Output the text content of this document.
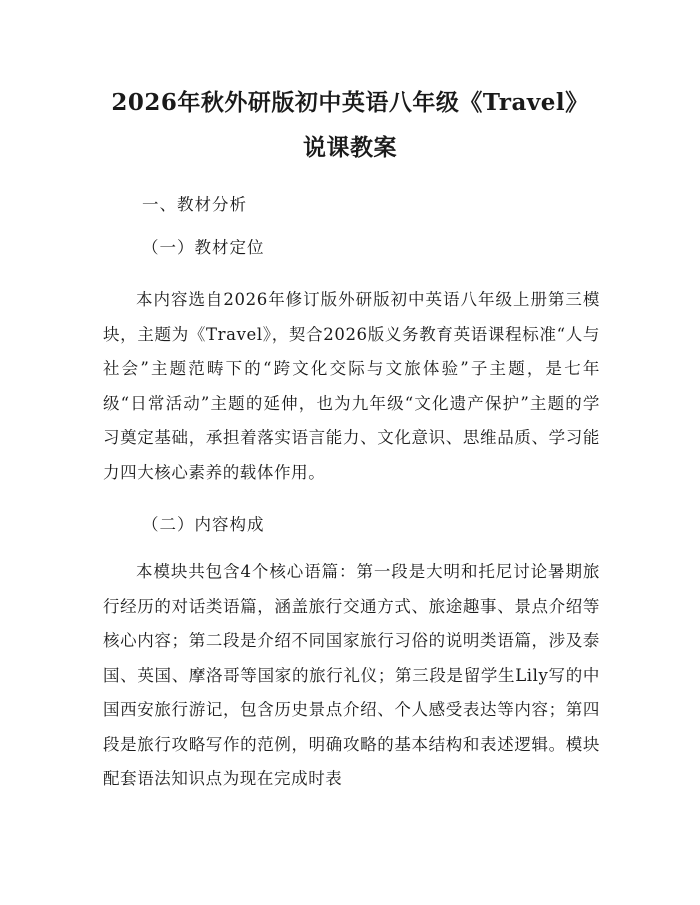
2026年秋外研版初中英语八年级《Travel》
说课教案
一、教材分析
（一）教材定位
本内容选自2026年修订版外研版初中英语八年级上册第三模块，主题为《Travel》，契合2026版义务教育英语课程标准“人与社会”主题范畴下的“跨文化交际与文旅体验”子主题，是七年级“日常活动”主题的延伸，也为九年级“文化遗产保护”主题的学习奠定基础，承担着落实语言能力、文化意识、思维品质、学习能力四大核心素养的载体作用。
（二）内容构成
本模块共包含4个核心语篇：第一段是大明和托尼讨论暑期旅行经历的对话类语篇，涵盖旅行交通方式、旅途趣事、景点介绍等核心内容；第二段是介绍不同国家旅行习俗的说明类语篇，涉及泰国、英国、摩洛哥等国家的旅行礼仪；第三段是留学生Lily写的中国西安旅行游记，包含历史景点介绍、个人感受表达等内容；第四段是旅行攻略写作的范例，明确攻略的基本结构和表述逻辑。模块配套语法知识点为现在完成时表
